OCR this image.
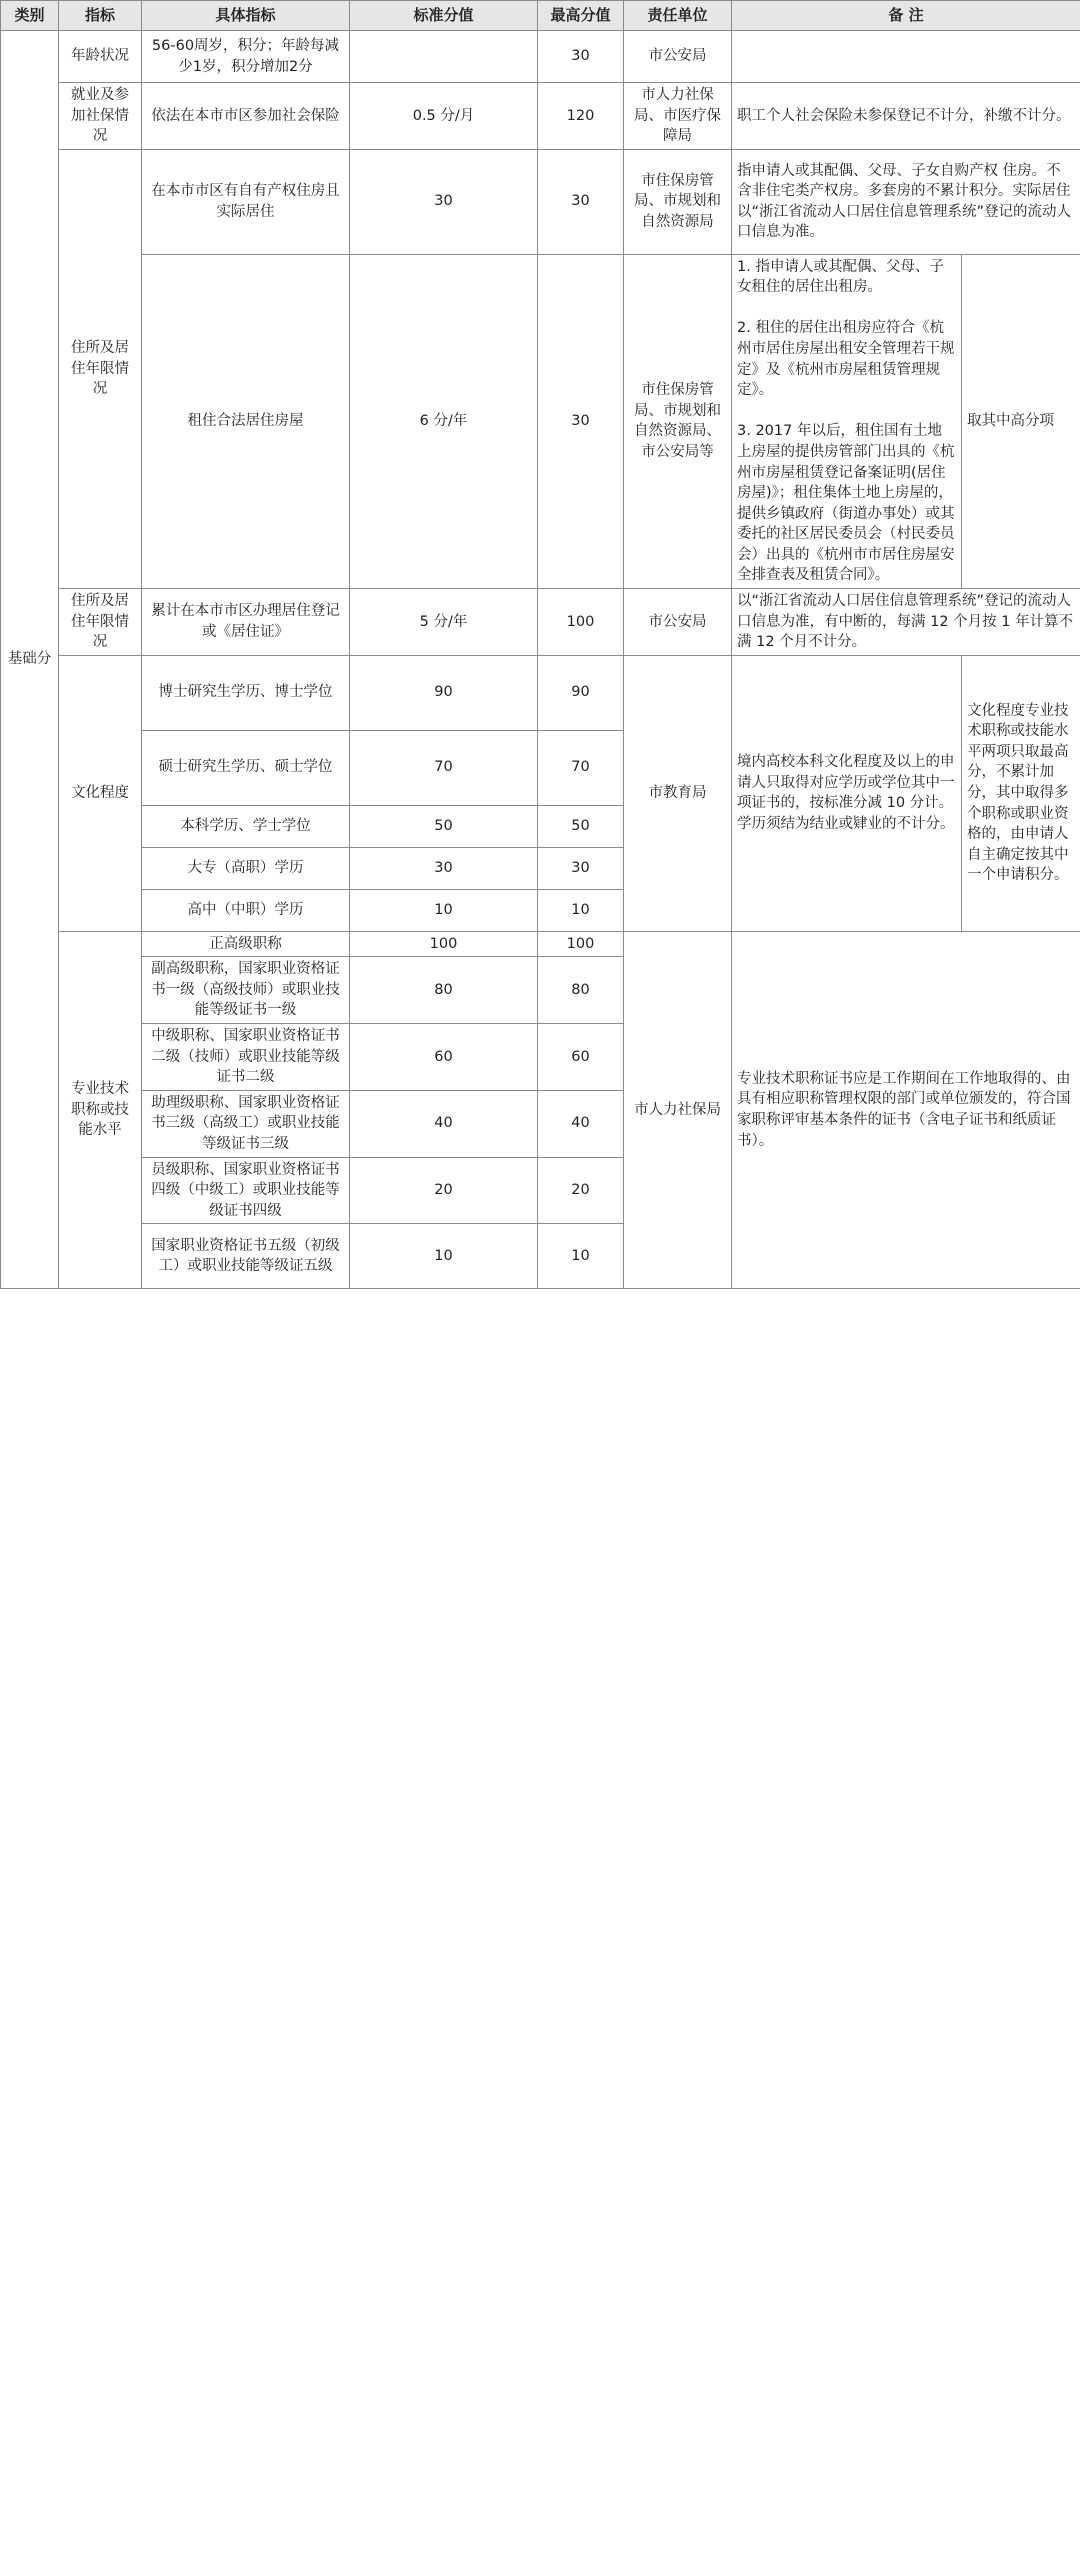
类别	指标	具体指标	标准分值	最高分值	责任单位	备 注	
基础分	年龄状况	56-60周岁，积分；年龄每减少1岁，积分增加2分		30	市公安局		
	就业及参加社保情况	依法在本市市区参加社会保险	0.5 分/月	120	市人力社保局、市医疗保障局	职工个人社会保险未参保登记不计分，补缴不计分。	
	住所及居住年限情况	在本市市区有自有产权住房且实际居住	30	30	市住保房管局、市规划和自然资源局	指申请人或其配偶、父母、子女自购产权 住房。不含非住宅类产权房。多套房的不累计积分。实际居住以“浙江省流动人口居住信息管理系统”登记的流动人口信息为准。	
		租住合法居住房屋	6 分/年	30	市住保房管局、市规划和自然资源局、市公安局等	1. 指申请人或其配偶、父母、子女租住的居住出租房。

2. 租住的居住出租房应符合《杭州市居住房屋出租安全管理若干规定》及《杭州市房屋租赁管理规定》。

3. 2017 年以后，租住国有土地上房屋的提供房管部门出具的《杭州市房屋租赁登记备案证明(居住房屋)》；租住集体土地上房屋的，提供乡镇政府（街道办事处）或其委托的社区居民委员会（村民委员会）出具的《杭州市市居住房屋安全排查表及租赁合同》。	取其中高分项
	住所及居住年限情况	累计在本市市区办理居住登记或《居住证》	5 分/年	100	市公安局	以“浙江省流动人口居住信息管理系统”登记的流动人口信息为准，有中断的，每满 12 个月按 1 年计算不满 12 个月不计分。	
	文化程度	博士研究生学历、博士学位	90	90	市教育局	境内高校本科文化程度及以上的申请人只取得对应学历或学位其中一项证书的，按标准分减 10 分计。学历须结为结业或肄业的不计分。	文化程度专业技术职称或技能水平两项只取最高分，不累计加分，其中取得多个职称或职业资格的，由申请人自主确定按其中一个申请积分。
		硕士研究生学历、硕士学位	70	70			
		本科学历、学士学位	50	50			
		大专（高职）学历	30	30			
		高中（中职）学历	10	10			
	专业技术职称或技能水平	正高级职称	100	100	市人力社保局	专业技术职称证书应是工作期间在工作地取得的、由具有相应职称管理权限的部门或单位颁发的，符合国家职称评审基本条件的证书（含电子证书和纸质证书）。	
		副高级职称，国家职业资格证书一级（高级技师）或职业技能等级证书一级	80	80			
		中级职称、国家职业资格证书二级（技师）或职业技能等级证书二级	60	60			
		助理级职称、国家职业资格证书三级（高级工）或职业技能等级证书三级	40	40			
		员级职称、国家职业资格证书四级（中级工）或职业技能等级证书四级	20	20			
		国家职业资格证书五级（初级工）或职业技能等级证五级	10	10			
